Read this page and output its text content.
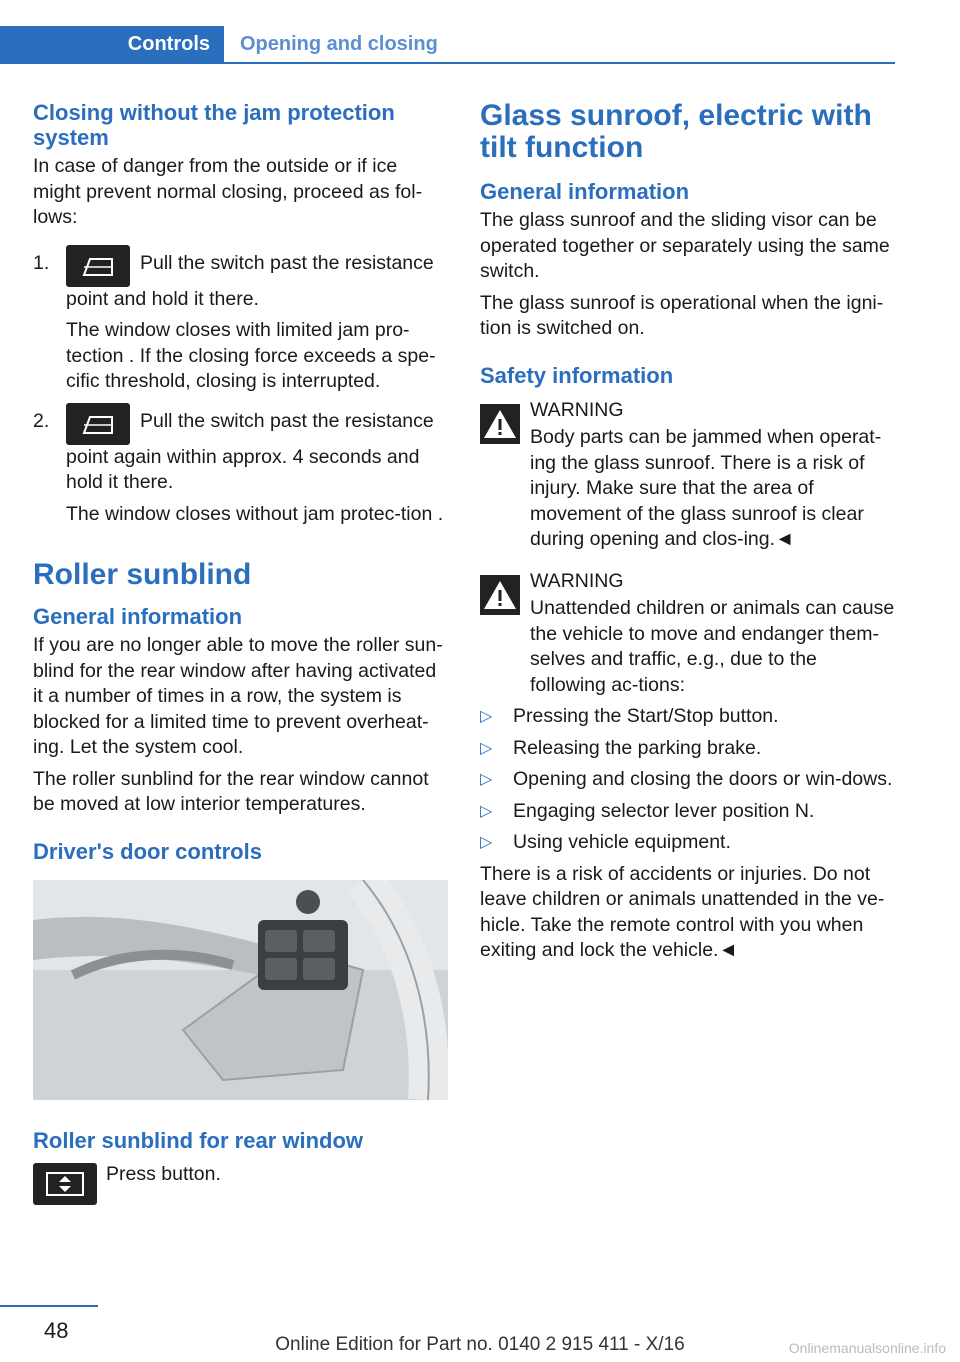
Controls	Opening and closing
Closing without the jam protection system

In case of danger from the outside or if ice might prevent normal closing, proceed as fol-lows:

1.	Pull the switch past the resistance point and hold it there.

The window closes with limited jam pro-tection . If the closing force exceeds a spe-cific threshold, closing is interrupted.

2.	Pull the switch past the resistance point again within approx. 4 seconds and hold it there.

The window closes without jam protec-tion .

Roller sunblind
General information

If you are no longer able to move the roller sun-blind for the rear window after having activated it a number of times in a row, the system is blocked for a limited time to prevent overheat-ing. Let the system cool.

The roller sunblind for the rear window cannot be moved at low interior temperatures.

Driver's door controls
Roller sunblind for rear window
Press button.
Glass sunroof, electric with tilt function
General information

The glass sunroof and the sliding visor can be operated together or separately using the same switch.

The glass sunroof is operational when the igni-tion is switched on.

Safety information

WARNING

Body parts can be jammed when operat-ing the glass sunroof. There is a risk of injury. Make sure that the area of movement of the glass sunroof is clear during opening and clos-ing.◄

WARNING

Unattended children or animals can cause the vehicle to move and endanger them-selves and traffic, e.g., due to the following ac-tions:

▷ Pressing the Start/Stop button.
▷ Releasing the parking brake.
▷ Opening and closing the doors or win-dows.
▷ Engaging selector lever position N.
▷ Using vehicle equipment.

There is a risk of accidents or injuries. Do not leave children or animals unattended in the ve-hicle. Take the remote control with you when exiting and lock the vehicle.◄

48
Online Edition for Part no. 0140 2 915 411 - X/16	Onlinemanualsonline.info
